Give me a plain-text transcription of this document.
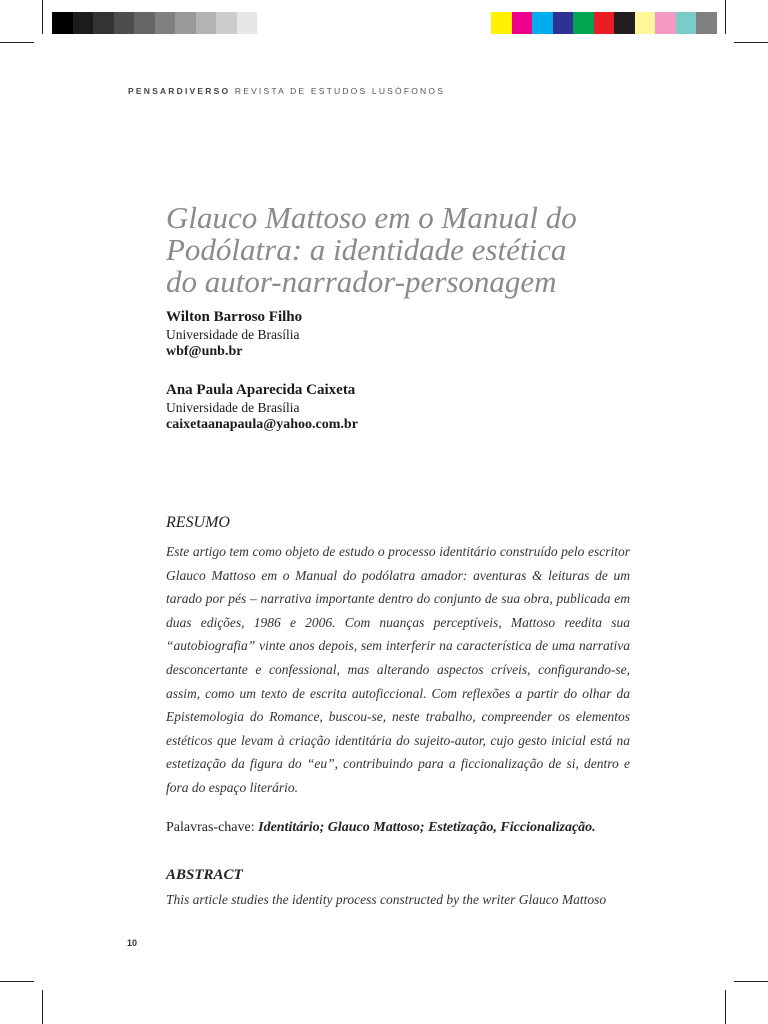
PENSARDIVERSO REVISTA DE ESTUDOS LUSÓFONOS
Glauco Mattoso em o Manual do
Podólatra: a identidade estética
do autor-narrador-personagem
Wilton Barroso Filho
Universidade de Brasília
wbf@unb.br
Ana Paula Aparecida Caixeta
Universidade de Brasília
caixetaanapaula@yahoo.com.br
RESUMO
Este artigo tem como objeto de estudo o processo identitário construído pelo escritor Glauco Mattoso em o Manual do podólatra amador: aventuras & leituras de um tarado por pés – narrativa importante dentro do conjunto de sua obra, publicada em duas edições, 1986 e 2006. Com nuanças perceptíveis, Mattoso reedita sua “autobiografia” vinte anos depois, sem interferir na característica de uma narrativa desconcertante e confessional, mas alterando aspectos críveis, configurando-se, assim, como um texto de escrita autoficcional. Com reflexões a partir do olhar da Epistemologia do Romance, buscou-se, neste trabalho, compreender os elementos estéticos que levam à criação identitária do sujeito-autor, cujo gesto inicial está na estetização da figura do “eu”, contribuindo para a ficcionalização de si, dentro e fora do espaço literário.
Palavras-chave: Identitário; Glauco Mattoso; Estetização, Ficcionalização.
ABSTRACT
This article studies the identity process constructed by the writer Glauco Mattoso
10
